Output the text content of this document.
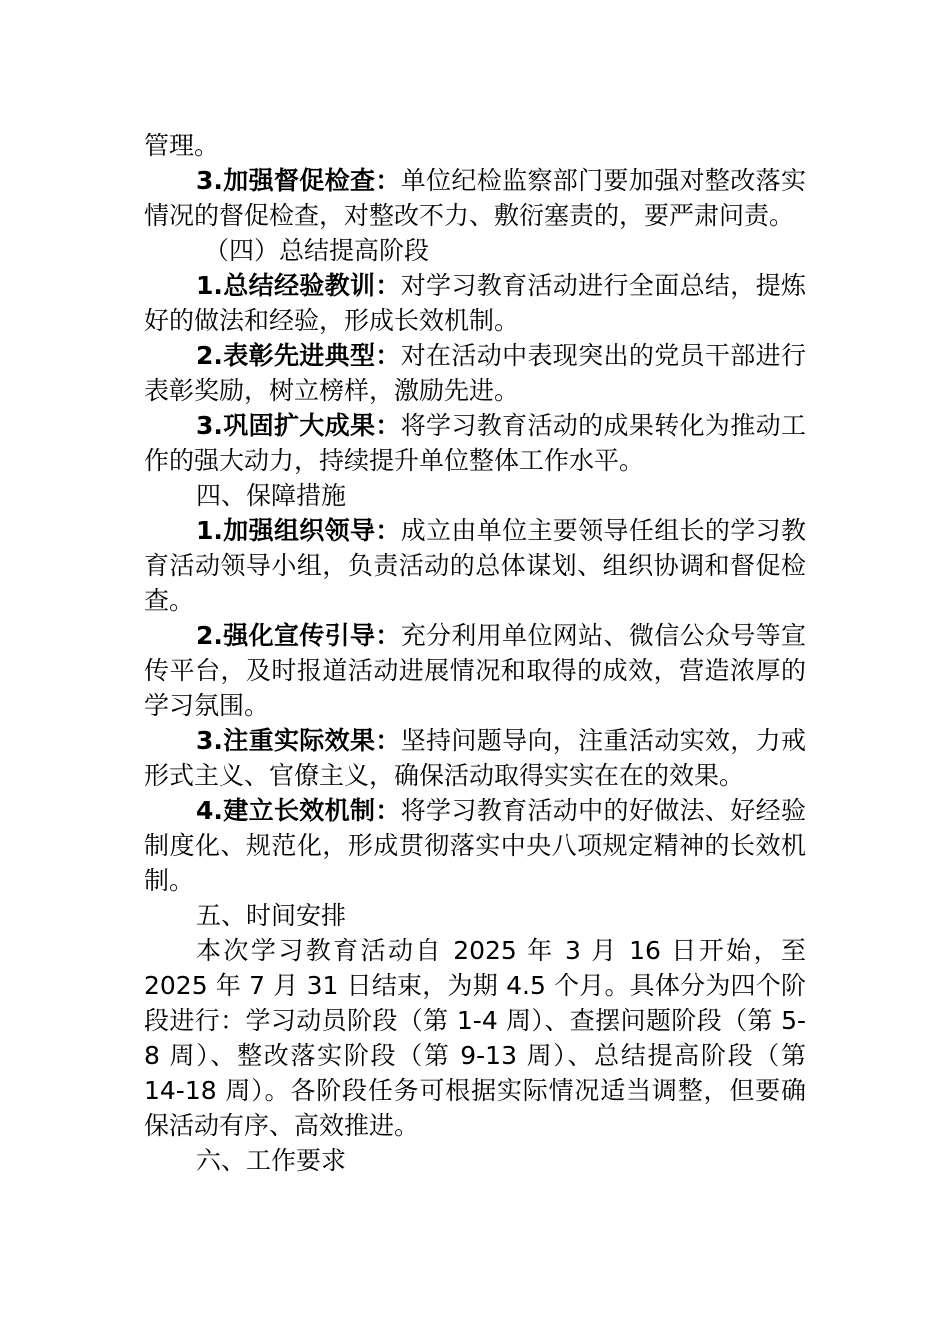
管理。

3.加强督促检查：单位纪检监察部门要加强对整改落实情况的督促检查，对整改不力、敷衍塞责的，要严肃问责。

（四）总结提高阶段

1.总结经验教训：对学习教育活动进行全面总结，提炼好的做法和经验，形成长效机制。

2.表彰先进典型：对在活动中表现突出的党员干部进行表彰奖励，树立榜样，激励先进。

3.巩固扩大成果：将学习教育活动的成果转化为推动工作的强大动力，持续提升单位整体工作水平。

四、保障措施

1.加强组织领导：成立由单位主要领导任组长的学习教育活动领导小组，负责活动的总体谋划、组织协调和督促检查。

2.强化宣传引导：充分利用单位网站、微信公众号等宣传平台，及时报道活动进展情况和取得的成效，营造浓厚的学习氛围。

3.注重实际效果：坚持问题导向，注重活动实效，力戒形式主义、官僚主义，确保活动取得实实在在的效果。

4.建立长效机制：将学习教育活动中的好做法、好经验制度化、规范化，形成贯彻落实中央八项规定精神的长效机制。

五、时间安排

本次学习教育活动自 2025 年 3 月 16 日开始，至 2025 年 7 月 31 日结束，为期 4.5 个月。具体分为四个阶段进行：学习动员阶段（第 1-4 周）、查摆问题阶段（第 5-8 周）、整改落实阶段（第 9-13 周）、总结提高阶段（第 14-18 周）。各阶段任务可根据实际情况适当调整，但要确保活动有序、高效推进。

六、工作要求
